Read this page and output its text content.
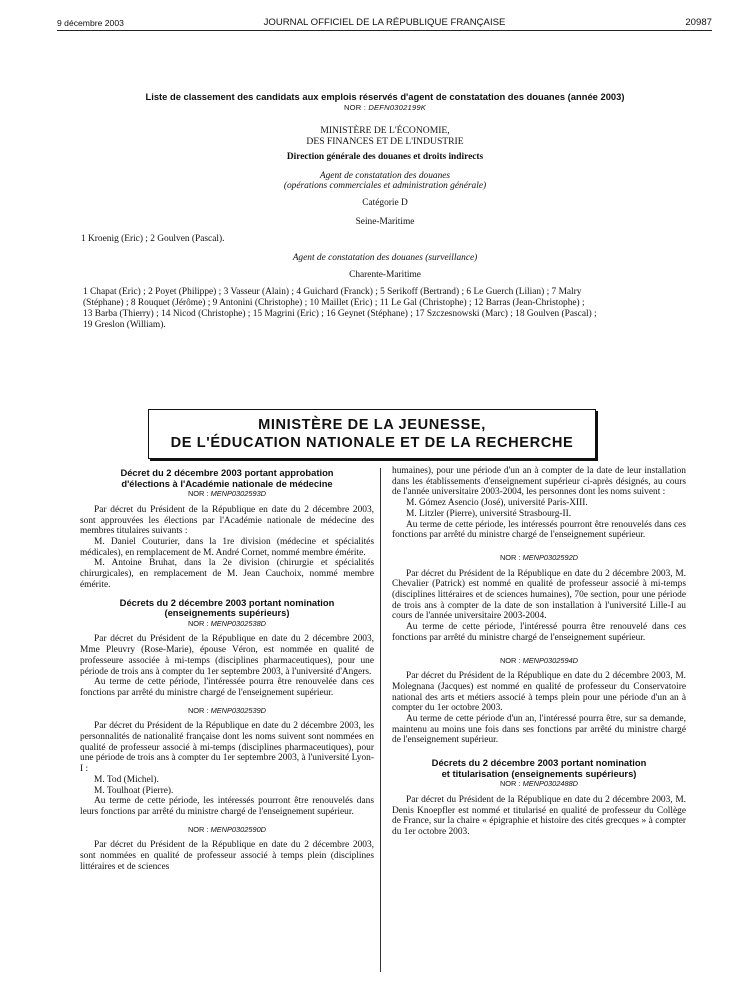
9 décembre 2003	JOURNAL OFFICIEL DE LA RÉPUBLIQUE FRANÇAISE	20987
Liste de classement des candidats aux emplois réservés d'agent de constatation des douanes (année 2003)
NOR : DEFN0302199K
MINISTÈRE DE L'ÉCONOMIE,
DES FINANCES ET DE L'INDUSTRIE
Direction générale des douanes et droits indirects
Agent de constatation des douanes
(opérations commerciales et administration générale)
Catégorie D
Seine-Maritime
1 Kroenig (Eric) ; 2 Goulven (Pascal).
Agent de constatation des douanes (surveillance)
Charente-Maritime
1 Chapat (Eric) ; 2 Poyet (Philippe) ; 3 Vasseur (Alain) ; 4 Guichard (Franck) ; 5 Serikoff (Bertrand) ; 6 Le Guerch (Lilian) ; 7 Malry
(Stéphane) ; 8 Rouquet (Jérôme) ; 9 Antonini (Christophe) ; 10 Maillet (Eric) ; 11 Le Gal (Christophe) ; 12 Barras (Jean-Christophe) ;
13 Barba (Thierry) ; 14 Nicod (Christophe) ; 15 Magrini (Eric) ; 16 Geynet (Stéphane) ; 17 Szczesnowski (Marc) ; 18 Goulven (Pascal) ;
19 Greslon (William).
MINISTÈRE DE LA JEUNESSE,
DE L'ÉDUCATION NATIONALE ET DE LA RECHERCHE
Décret du 2 décembre 2003 portant approbation
d'élections à l'Académie nationale de médecine
NOR : MENP0302593D

Par décret du Président de la République en date du 2 décembre 2003, sont approuvées les élections par l'Académie nationale de médecine des membres titulaires suivants :

M. Daniel Couturier, dans la 1re division (médecine et spécialités médicales), en remplacement de M. André Cornet, nommé membre émérite.

M. Antoine Bruhat, dans la 2e division (chirurgie et spécialités chirurgicales), en remplacement de M. Jean Cauchoix, nommé membre émérite.

Décrets du 2 décembre 2003 portant nomination
(enseignements supérieurs)
NOR : MENP0302538D

Par décret du Président de la République en date du 2 décembre 2003, Mme Pleuvry (Rose-Marie), épouse Véron, est nommée en qualité de professeure associée à mi-temps (disciplines pharmaceutiques), pour une période de trois ans à compter du 1er septembre 2003, à l'université d'Angers.

Au terme de cette période, l'intéressée pourra être renouvelée dans ces fonctions par arrêté du ministre chargé de l'enseignement supérieur.

NOR : MENP0302539D

Par décret du Président de la République en date du 2 décembre 2003, les personnalités de nationalité française dont les noms suivent sont nommées en qualité de professeur associé à mi-temps (disciplines pharmaceutiques), pour une période de trois ans à compter du 1er septembre 2003, à l'université Lyon-I :

M. Tod (Michel).

M. Toulhoat (Pierre).

Au terme de cette période, les intéressés pourront être renouvelés dans leurs fonctions par arrêté du ministre chargé de l'enseignement supérieur.

NOR : MENP0302590D

Par décret du Président de la République en date du 2 décembre 2003, sont nommées en qualité de professeur associé à temps plein (disciplines littéraires et de sciences

humaines), pour une période d'un an à compter de la date de leur installation dans les établissements d'enseignement supérieur ci-après désignés, au cours de l'année universitaire 2003-2004, les personnes dont les noms suivent :

M. Gómez Asencio (José), université Paris-XIII.

M. Litzler (Pierre), université Strasbourg-II.

Au terme de cette période, les intéressés pourront être renouvelés dans ces fonctions par arrêté du ministre chargé de l'enseignement supérieur.

NOR : MENP0302592D

Par décret du Président de la République en date du 2 décembre 2003, M. Chevalier (Patrick) est nommé en qualité de professeur associé à mi-temps (disciplines littéraires et de sciences humaines), 70e section, pour une période de trois ans à compter de la date de son installation à l'université Lille-I au cours de l'année universitaire 2003-2004.

Au terme de cette période, l'intéressé pourra être renouvelé dans ces fonctions par arrêté du ministre chargé de l'enseignement supérieur.

NOR : MENP0302594D

Par décret du Président de la République en date du 2 décembre 2003, M. Molegnana (Jacques) est nommé en qualité de professeur du Conservatoire national des arts et métiers associé à temps plein pour une période d'un an à compter du 1er octobre 2003.

Au terme de cette période d'un an, l'intéressé pourra être, sur sa demande, maintenu au moins une fois dans ses fonctions par arrêté du ministre chargé de l'enseignement supérieur.

Décrets du 2 décembre 2003 portant nomination
et titularisation (enseignements supérieurs)
NOR : MENP0302488D

Par décret du Président de la République en date du 2 décembre 2003, M. Denis Knoepfler est nommé et titularisé en qualité de professeur du Collège de France, sur la chaire « épigraphie et histoire des cités grecques » à compter du 1er octobre 2003.
